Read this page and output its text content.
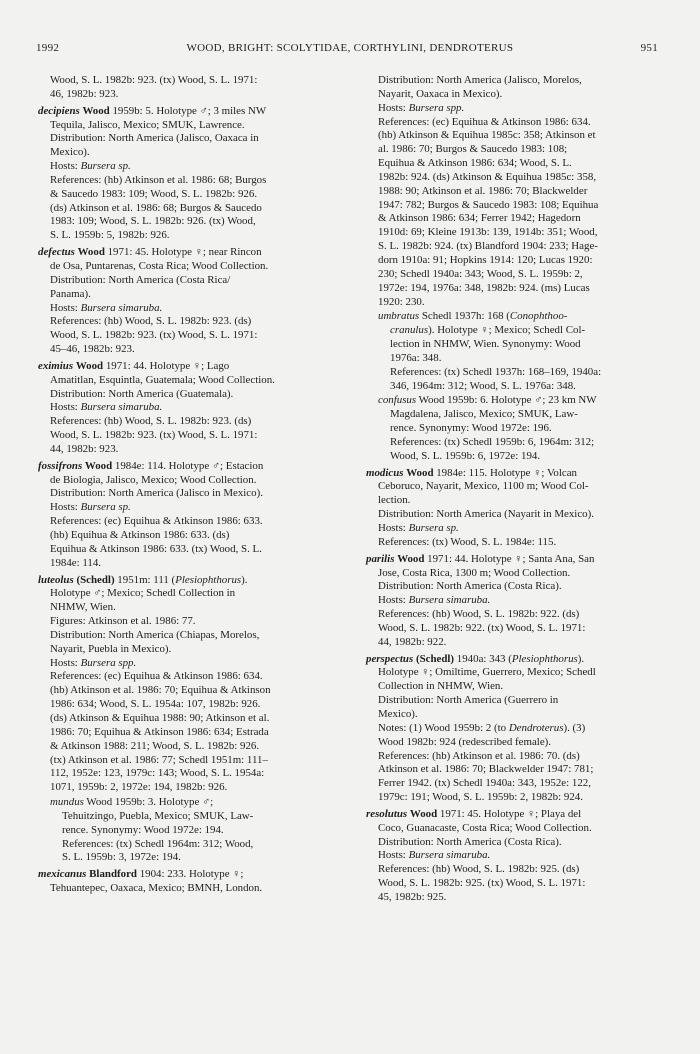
1992	WOOD, BRIGHT: SCOLYTIDAE, CORTHYLINI, DENDROTERUS	951
Wood, S. L. 1982b: 923. (tx) Wood, S. L. 1971:
46, 1982b: 923.
decipiens Wood 1959b: 5. Holotype ♂; 3 miles NW
Tequila, Jalisco, Mexico; SMUK, Lawrence.
Distribution: North America (Jalisco, Oaxaca in
Mexico).
Hosts: Bursera sp.
References: (hb) Atkinson et al. 1986: 68; Burgos
& Saucedo 1983: 109; Wood, S. L. 1982b: 926.
(ds) Atkinson et al. 1986: 68; Burgos & Saucedo
1983: 109; Wood, S. L. 1982b: 926. (tx) Wood,
S. L. 1959b: 5, 1982b: 926.
defectus Wood 1971: 45. Holotype ♀; near Rincon
de Osa, Puntarenas, Costa Rica; Wood Collection.
Distribution: North America (Costa Rica/
Panama).
Hosts: Bursera simaruba.
References: (hb) Wood, S. L. 1982b: 923. (ds)
Wood, S. L. 1982b: 923. (tx) Wood, S. L. 1971:
45–46, 1982b: 923.
eximius Wood 1971: 44. Holotype ♀; Lago
Amatitlan, Esquintla, Guatemala; Wood Collection.
Distribution: North America (Guatemala).
Hosts: Bursera simaruba.
References: (hb) Wood, S. L. 1982b: 923. (ds)
Wood, S. L. 1982b: 923. (tx) Wood, S. L. 1971:
44, 1982b: 923.
fossifrons Wood 1984e: 114. Holotype ♂; Estacion
de Biologia, Jalisco, Mexico; Wood Collection.
Distribution: North America (Jalisco in Mexico).
Hosts: Bursera sp.
References: (ec) Equihua & Atkinson 1986: 633.
(hb) Equihua & Atkinson 1986: 633. (ds)
Equihua & Atkinson 1986: 633. (tx) Wood, S. L.
1984e: 114.
luteolus (Schedl) 1951m: 111 (Plesiophthorus).
Holotype ♂; Mexico; Schedl Collection in
NHMW, Wien.
Figures: Atkinson et al. 1986: 77.
Distribution: North America (Chiapas, Morelos,
Nayarit, Puebla in Mexico).
Hosts: Bursera spp.
References: (ec) Equihua & Atkinson 1986: 634.
(hb) Atkinson et al. 1986: 70; Equihua & Atkinson
1986: 634; Wood, S. L. 1954a: 107, 1982b: 926.
(ds) Atkinson & Equihua 1988: 90; Atkinson et al.
1986: 70; Equihua & Atkinson 1986: 634; Estrada
& Atkinson 1988: 211; Wood, S. L. 1982b: 926.
(tx) Atkinson et al. 1986: 77; Schedl 1951m: 111–
112, 1952e: 123, 1979c: 143; Wood, S. L. 1954a:
1071, 1959b: 2, 1972e: 194, 1982b: 926.
mundus Wood 1959b: 3. Holotype ♂;
Tehuitzingo, Puebla, Mexico; SMUK, Law-
rence. Synonymy: Wood 1972e: 194.
References: (tx) Schedl 1964m: 312; Wood,
S. L. 1959b: 3, 1972e: 194.
mexicanus Blandford 1904: 233. Holotype ♀;
Tehuantepec, Oaxaca, Mexico; BMNH, London.
Distribution: North America (Jalisco, Morelos,
Nayarit, Oaxaca in Mexico).
Hosts: Bursera spp.
References: (ec) Equihua & Atkinson 1986: 634.
(hb) Atkinson & Equihua 1985c: 358; Atkinson et
al. 1986: 70; Burgos & Saucedo 1983: 108;
Equihua & Atkinson 1986: 634; Wood, S. L.
1982b: 924. (ds) Atkinson & Equihua 1985c: 358,
1988: 90; Atkinson et al. 1986: 70; Blackwelder
1947: 782; Burgos & Saucedo 1983: 108; Equihua
& Atkinson 1986: 634; Ferrer 1942; Hagedorn
1910d: 69; Kleine 1913b: 139, 1914b: 351; Wood,
S. L. 1982b: 924. (tx) Blandford 1904: 233; Hage-
dorn 1910a: 91; Hopkins 1914: 120; Lucas 1920:
230; Schedl 1940a: 343; Wood, S. L. 1959b: 2,
1972e: 194, 1976a: 348, 1982b: 924. (ms) Lucas
1920: 230.
umbratus Schedl 1937h: 168 (Conophthoo-
cranulus). Holotype ♀; Mexico; Schedl Col-
lection in NHMW, Wien. Synonymy: Wood
1976a: 348.
References: (tx) Schedl 1937h: 168–169, 1940a:
346, 1964m: 312; Wood, S. L. 1976a: 348.
confusus Wood 1959b: 6. Holotype ♂; 23 km NW
Magdalena, Jalisco, Mexico; SMUK, Law-
rence. Synonymy: Wood 1972e: 196.
References: (tx) Schedl 1959b: 6, 1964m: 312;
Wood, S. L. 1959b: 6, 1972e: 194.
modicus Wood 1984e: 115. Holotype ♀; Volcan
Ceboruco, Nayarit, Mexico, 1100 m; Wood Col-
lection.
Distribution: North America (Nayarit in Mexico).
Hosts: Bursera sp.
References: (tx) Wood, S. L. 1984e: 115.
parilis Wood 1971: 44. Holotype ♀; Santa Ana, San
Jose, Costa Rica, 1300 m; Wood Collection.
Distribution: North America (Costa Rica).
Hosts: Bursera simaruba.
References: (hb) Wood, S. L. 1982b: 922. (ds)
Wood, S. L. 1982b: 922. (tx) Wood, S. L. 1971:
44, 1982b: 922.
perspectus (Schedl) 1940a: 343 (Plesiophthorus).
Holotype ♀; Omiltime, Guerrero, Mexico; Schedl
Collection in NHMW, Wien.
Distribution: North America (Guerrero in
Mexico).
Notes: (1) Wood 1959b: 2 (to Dendroterus). (3)
Wood 1982b: 924 (redescribed female).
References: (hb) Atkinson et al. 1986: 70. (ds)
Atkinson et al. 1986: 70; Blackwelder 1947: 781;
Ferrer 1942. (tx) Schedl 1940a: 343, 1952e: 122,
1979c: 191; Wood, S. L. 1959b: 2, 1982b: 924.
resolutus Wood 1971: 45. Holotype ♀; Playa del
Coco, Guanacaste, Costa Rica; Wood Collection.
Distribution: North America (Costa Rica).
Hosts: Bursera simaruba.
References: (hb) Wood, S. L. 1982b: 925. (ds)
Wood, S. L. 1982b: 925. (tx) Wood, S. L. 1971:
45, 1982b: 925.
